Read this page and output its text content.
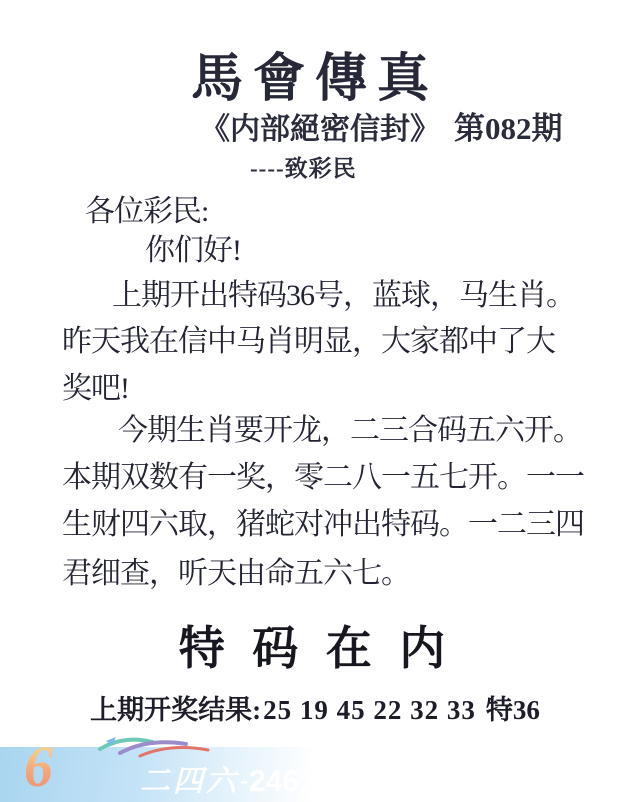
馬會傳真
《内部絕密信封》 第082期
----致彩民
各位彩民:
你们好!
上期开出特码36号，蓝球，马生肖。
昨天我在信中马肖明显，大家都中了大
奖吧!
今期生肖要开龙，二三合码五六开。
本期双数有一奖，零二八一五七开。一一
生财四六取，猪蛇对冲出特码。一二三四
君细查，听天由命五六七。
特 码 在 内
上期开奖结果:25 19 45 22 32 33 特36
6	二四六-246.gd
